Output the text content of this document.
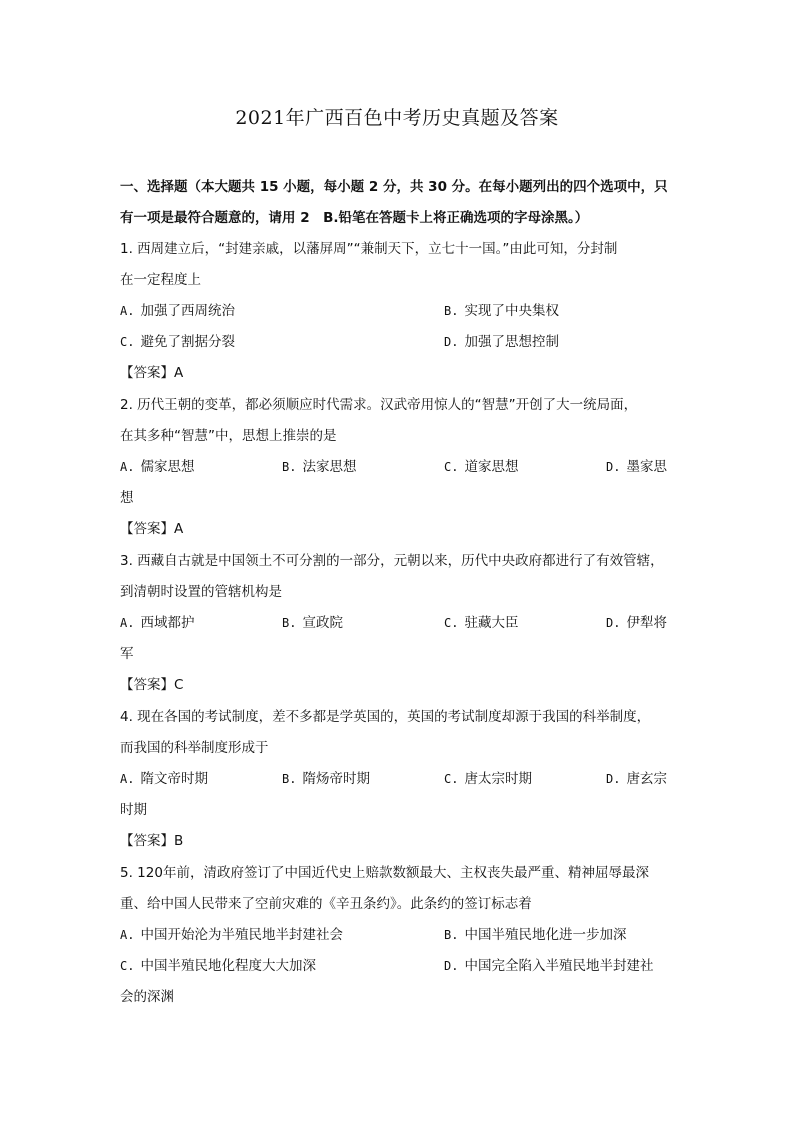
2021年广西百色中考历史真题及答案
一、选择题（本大题共 15 小题，每小题 2 分，共 30 分。在每小题列出的四个选项中，只
有一项是最符合题意的，请用 2　B.铅笔在答题卡上将正确选项的字母涂黑。）
1. 西周建立后，“封建亲戚，以藩屏周”“兼制天下，立七十一国。”由此可知，分封制
在一定程度上
A. 加强了西周统治	B. 实现了中央集权
C. 避免了割据分裂	D. 加强了思想控制
【答案】A
2. 历代王朝的变革，都必须顺应时代需求。汉武帝用惊人的“智慧”开创了大一统局面，
在其多种“智慧”中，思想上推崇的是
A. 儒家思想	B. 法家思想	C. 道家思想	D. 墨家思
想
【答案】A
3. 西藏自古就是中国领土不可分割的一部分，元朝以来，历代中央政府都进行了有效管辖，
到清朝时设置的管辖机构是
A. 西域都护	B. 宣政院	C. 驻藏大臣	D. 伊犁将
军
【答案】C
4. 现在各国的考试制度，差不多都是学英国的，英国的考试制度却源于我国的科举制度，
而我国的科举制度形成于
A. 隋文帝时期	B. 隋炀帝时期	C. 唐太宗时期	D. 唐玄宗
时期
【答案】B
5. 120年前，清政府签订了中国近代史上赔款数额最大、主权丧失最严重、精神屈辱最深
重、给中国人民带来了空前灾难的《辛丑条约》。此条约的签订标志着
A. 中国开始沦为半殖民地半封建社会	B. 中国半殖民地化进一步加深
C. 中国半殖民地化程度大大加深	D. 中国完全陷入半殖民地半封建社
会的深渊
